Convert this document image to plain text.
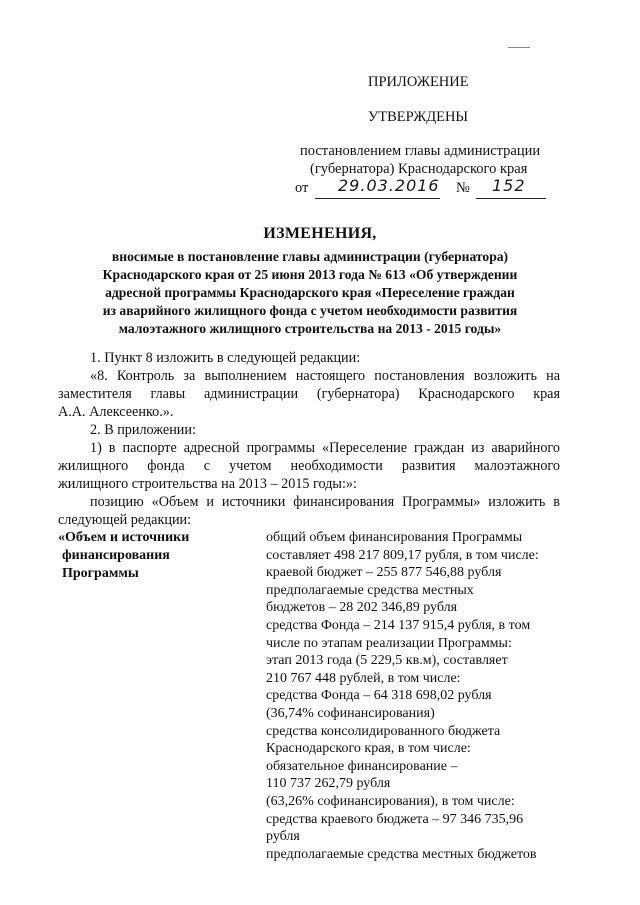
ПРИЛОЖЕНИЕ
УТВЕРЖДЕНЫ
постановлением главы администрации
(губернатора) Краснодарского края
от 29.03.2016 № 152
ИЗМЕНЕНИЯ,
вносимые в постановление главы администрации (губернатора)
Краснодарского края от 25 июня 2013 года № 613 «Об утверждении
адресной программы Краснодарского края «Переселение граждан
из аварийного жилищного фонда с учетом необходимости развития
малоэтажного жилищного строительства на 2013 - 2015 годы»
1. Пункт 8 изложить в следующей редакции:
«8. Контроль за выполнением настоящего постановления возложить на
заместителя главы администрации (губернатора) Краснодарского края
А.А. Алексеенко.».
2. В приложении:
1) в паспорте адресной программы «Переселение граждан из аварийного
жилищного фонда с учетом необходимости развития малоэтажного
жилищного строительства на 2013 – 2015 годы:»:
позицию «Объем и источники финансирования Программы» изложить в
следующей редакции:
«Объем и источники
финансирования
Программы
общий объем финансирования Программы
составляет 498 217 809,17 рубля, в том числе:
краевой бюджет – 255 877 546,88 рубля
предполагаемые средства местных
бюджетов – 28 202 346,89 рубля
средства Фонда – 214 137 915,4 рубля, в том
числе по этапам реализации Программы:
этап 2013 года (5 229,5 кв.м), составляет
210 767 448 рублей, в том числе:
средства Фонда – 64 318 698,02 рубля
(36,74% софинансирования)
средства консолидированного бюджета
Краснодарского края, в том числе:
обязательное финансирование –
110 737 262,79 рубля
(63,26% софинансирования), в том числе:
средства краевого бюджета – 97 346 735,96
рубля
предполагаемые средства местных бюджетов
